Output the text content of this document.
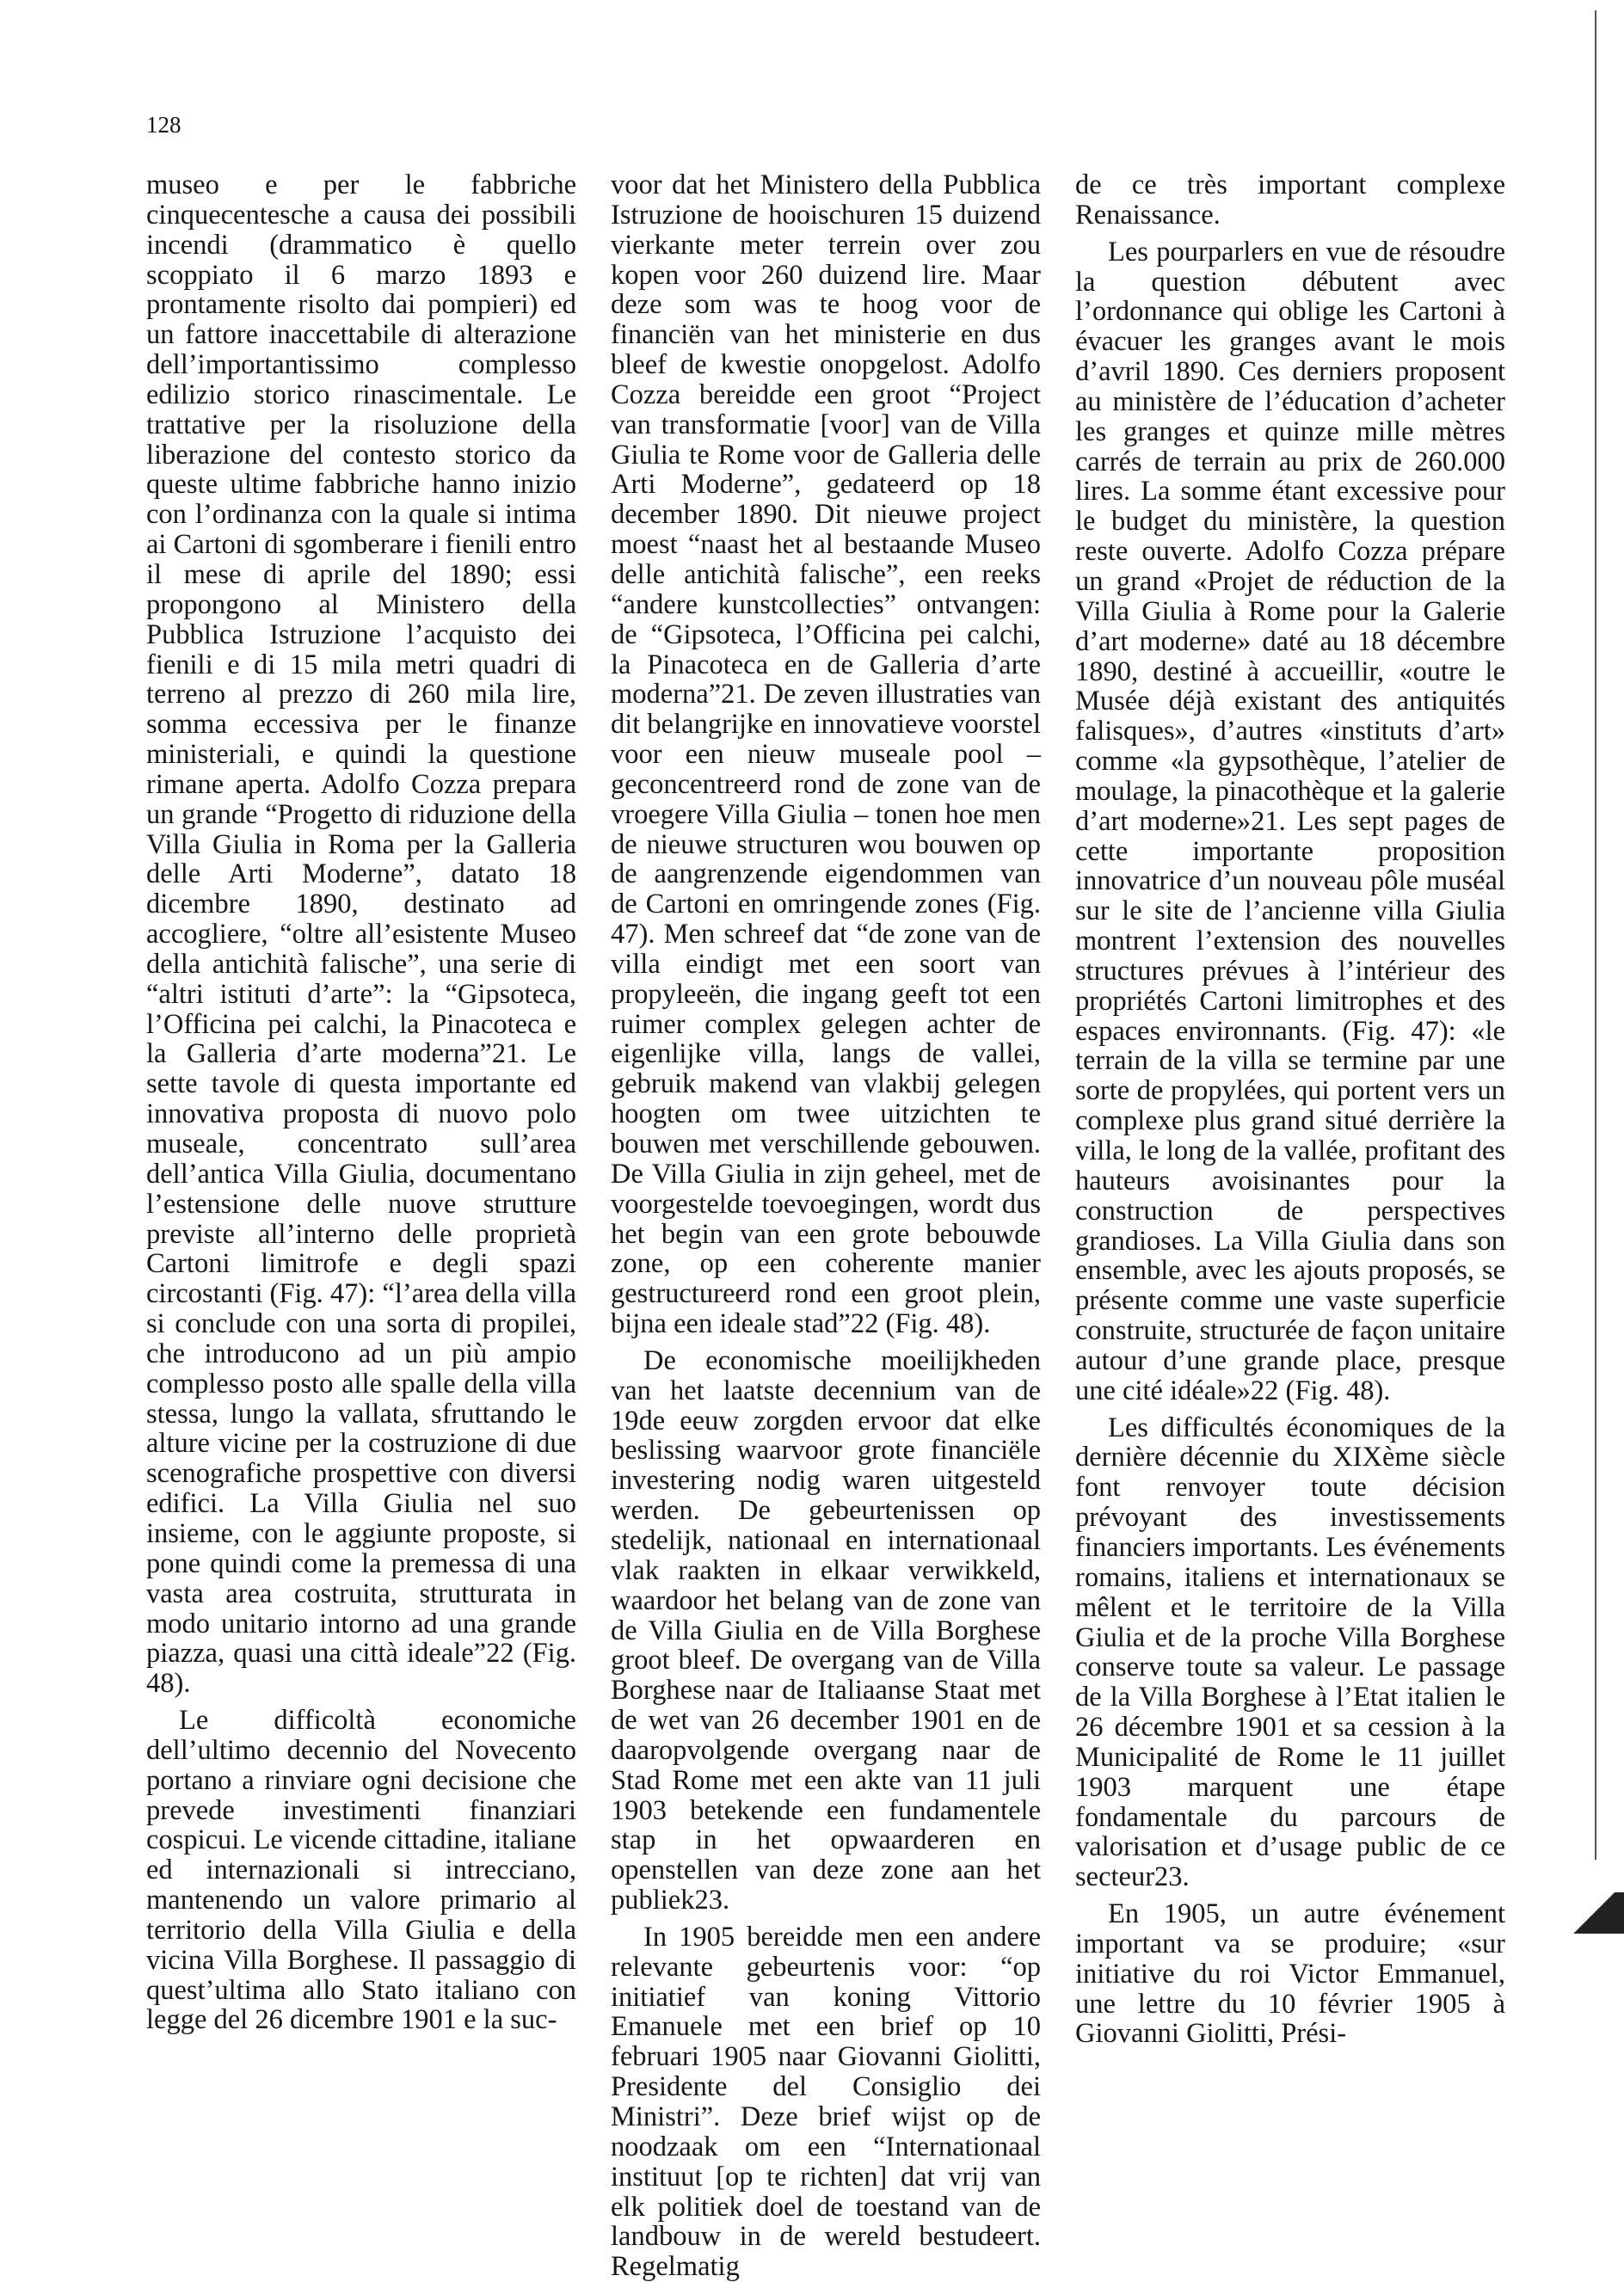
128

museo e per le fabbriche cinquecentesche a causa dei possibili incendi (drammatico è quello scoppiato il 6 marzo 1893 e prontamente risolto dai pompieri) ed un fattore inaccettabile di alterazione dell’importantissimo complesso edilizio storico rinascimentale. Le trattative per la risoluzione della liberazione del contesto storico da queste ultime fabbriche hanno inizio con l’ordinanza con la quale si intima ai Cartoni di sgomberare i fienili entro il mese di aprile del 1890; essi propongono al Ministero della Pubblica Istruzione l’acquisto dei fienili e di 15 mila metri quadri di terreno al prezzo di 260 mila lire, somma eccessiva per le finanze ministeriali, e quindi la questione rimane aperta. Adolfo Cozza prepara un grande “Progetto di riduzione della Villa Giulia in Roma per la Galleria delle Arti Moderne”, datato 18 dicembre 1890, destinato ad accogliere, “oltre all’esistente Museo della antichità falische”, una serie di “altri istituti d’arte”: la “Gipsoteca, l’Officina pei calchi, la Pinacoteca e la Galleria d’arte moderna”21. Le sette tavole di questa importante ed innovativa proposta di nuovo polo museale, concentrato sull’area dell’antica Villa Giulia, documentano l’estensione delle nuove strutture previste all’interno delle proprietà Cartoni limitrofe e degli spazi circostanti (Fig. 47): “l’area della villa si conclude con una sorta di propilei, che introducono ad un più ampio complesso posto alle spalle della villa stessa, lungo la vallata, sfruttando le alture vicine per la costruzione di due scenografiche prospettive con diversi edifici. La Villa Giulia nel suo insieme, con le aggiunte proposte, si pone quindi come la premessa di una vasta area costruita, strutturata in modo unitario intorno ad una grande piazza, quasi una città ideale”22 (Fig. 48).

Le difficoltà economiche dell’ultimo decennio del Novecento portano a rinviare ogni decisione che prevede investimenti finanziari cospicui. Le vicende cittadine, italiane ed internazionali si intrecciano, mantenendo un valore primario al territorio della Villa Giulia e della vicina Villa Borghese. Il passaggio di quest’ultima allo Stato italiano con legge del 26 dicembre 1901 e la suc-

voor dat het Ministero della Pubblica Istruzione de hooischuren 15 duizend vierkante meter terrein over zou kopen voor 260 duizend lire. Maar deze som was te hoog voor de financiën van het ministerie en dus bleef de kwestie onopgelost. Adolfo Cozza bereidde een groot “Project van transformatie [voor] van de Villa Giulia te Rome voor de Galleria delle Arti Moderne”, gedateerd op 18 december 1890. Dit nieuwe project moest “naast het al bestaande Museo delle antichità falische”, een reeks “andere kunstcollecties” ontvangen: de “Gipsoteca, l’Officina pei calchi, la Pinacoteca en de Galleria d’arte moderna”21. De zeven illustraties van dit belangrijke en innovatieve voorstel voor een nieuw museale pool – geconcentreerd rond de zone van de vroegere Villa Giulia – tonen hoe men de nieuwe structuren wou bouwen op de aangrenzende eigendommen van de Cartoni en omringende zones (Fig. 47). Men schreef dat “de zone van de villa eindigt met een soort van propyleeën, die ingang geeft tot een ruimer complex gelegen achter de eigenlijke villa, langs de vallei, gebruik makend van vlakbij gelegen hoogten om twee uitzichten te bouwen met verschillende gebouwen. De Villa Giulia in zijn geheel, met de voorgestelde toevoegingen, wordt dus het begin van een grote bebouwde zone, op een coherente manier gestructureerd rond een groot plein, bijna een ideale stad”22 (Fig. 48).

De economische moeilijkheden van het laatste decennium van de 19de eeuw zorgden ervoor dat elke beslissing waarvoor grote financiële investering nodig waren uitgesteld werden. De gebeurtenissen op stedelijk, nationaal en internationaal vlak raakten in elkaar verwikkeld, waardoor het belang van de zone van de Villa Giulia en de Villa Borghese groot bleef. De overgang van de Villa Borghese naar de Italiaanse Staat met de wet van 26 december 1901 en de daaropvolgende overgang naar de Stad Rome met een akte van 11 juli 1903 betekende een fundamentele stap in het opwaarderen en openstellen van deze zone aan het publiek23.

In 1905 bereidde men een andere relevante gebeurtenis voor: “op initiatief van koning Vittorio Emanuele met een brief op 10 februari 1905 naar Giovanni Giolitti, Presidente del Consiglio dei Ministri”. Deze brief wijst op de noodzaak om een “Internationaal instituut [op te richten] dat vrij van elk politiek doel de toestand van de landbouw in de wereld bestudeert. Regelmatig

de ce très important complexe Renaissance.

Les pourparlers en vue de résoudre la question débutent avec l’ordonnance qui oblige les Cartoni à évacuer les granges avant le mois d’avril 1890. Ces derniers proposent au ministère de l’éducation d’acheter les granges et quinze mille mètres carrés de terrain au prix de 260.000 lires. La somme étant excessive pour le budget du ministère, la question reste ouverte. Adolfo Cozza prépare un grand «Projet de réduction de la Villa Giulia à Rome pour la Galerie d’art moderne» daté au 18 décembre 1890, destiné à accueillir, «outre le Musée déjà existant des antiquités falisques», d’autres «instituts d’art» comme «la gypsothèque, l’atelier de moulage, la pinacothèque et la galerie d’art moderne»21. Les sept pages de cette importante proposition innovatrice d’un nouveau pôle muséal sur le site de l’ancienne villa Giulia montrent l’extension des nouvelles structures prévues à l’intérieur des propriétés Cartoni limitrophes et des espaces environnants. (Fig. 47): «le terrain de la villa se termine par une sorte de propylées, qui portent vers un complexe plus grand situé derrière la villa, le long de la vallée, profitant des hauteurs avoisinantes pour la construction de perspectives grandioses. La Villa Giulia dans son ensemble, avec les ajouts proposés, se présente comme une vaste superficie construite, structurée de façon unitaire autour d’une grande place, presque une cité idéale»22 (Fig. 48).

Les difficultés économiques de la dernière décennie du XIXème siècle font renvoyer toute décision prévoyant des investissements financiers importants. Les événements romains, italiens et internationaux se mêlent et le territoire de la Villa Giulia et de la proche Villa Borghese conserve toute sa valeur. Le passage de la Villa Borghese à l’Etat italien le 26 décembre 1901 et sa cession à la Municipalité de Rome le 11 juillet 1903 marquent une étape fondamentale du parcours de valorisation et d’usage public de ce secteur23.

En 1905, un autre événement important va se produire; «sur initiative du roi Victor Emmanuel, une lettre du 10 février 1905 à Giovanni Giolitti, Prési-
